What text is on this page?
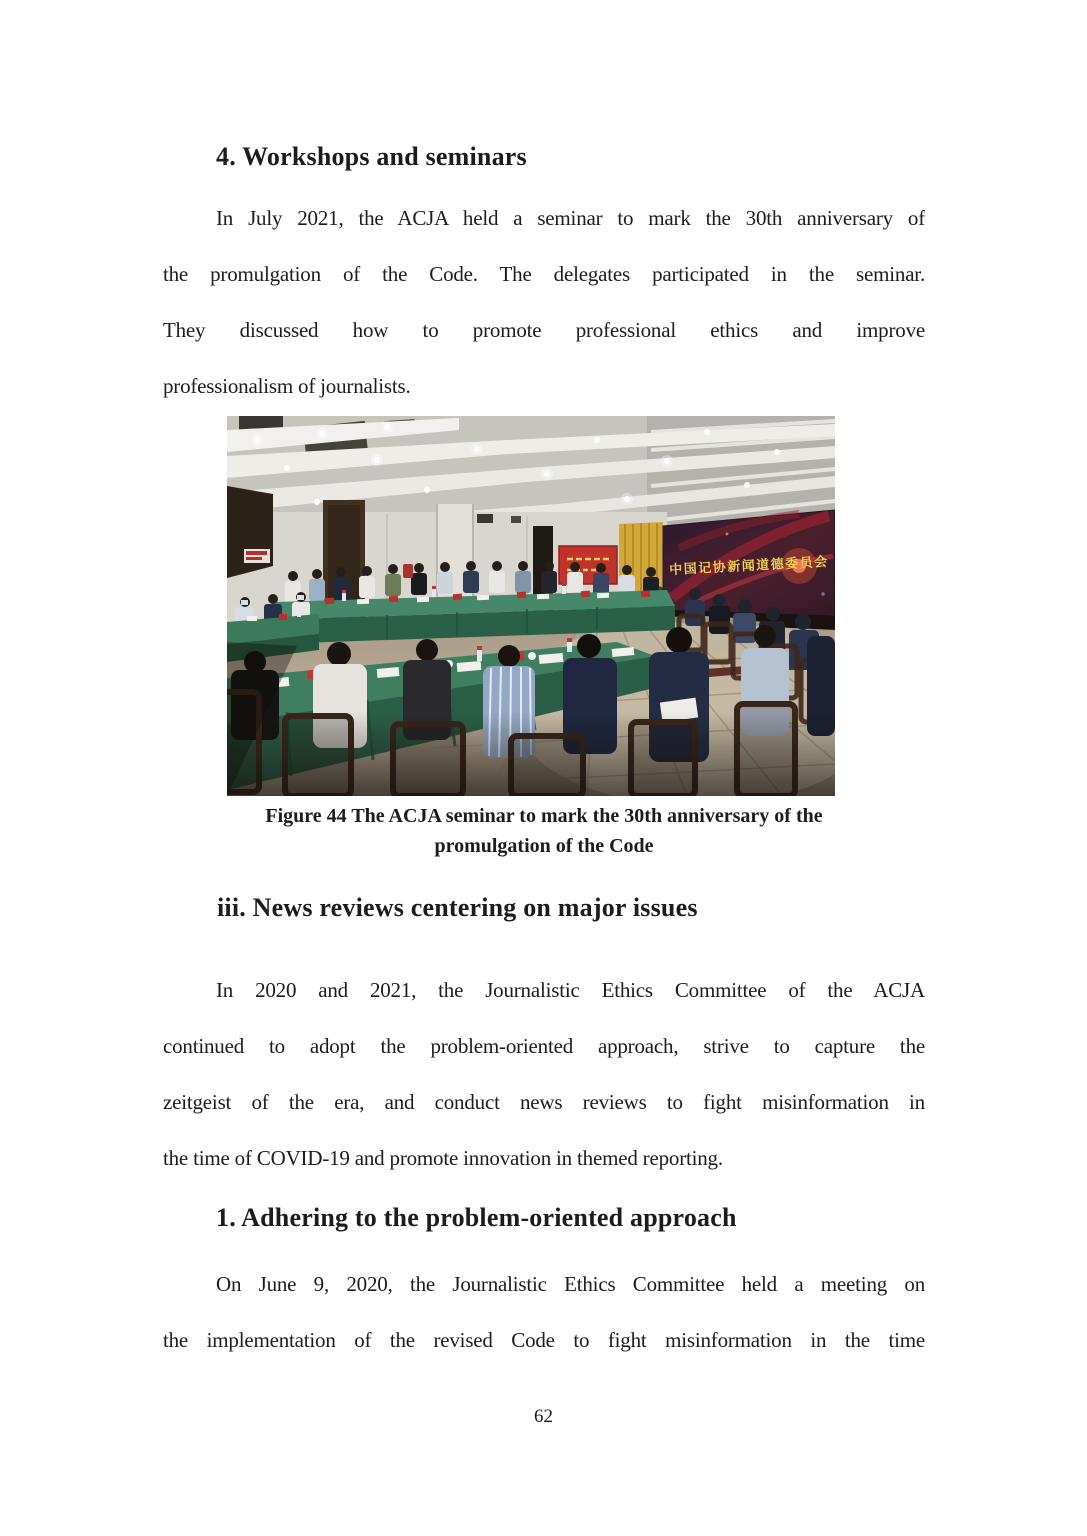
4. Workshops and seminars
In July 2021, the ACJA held a seminar to mark the 30th anniversary of
the promulgation of the Code. The delegates participated in the seminar.
They discussed how to promote professional ethics and improve
professionalism of journalists.
中国记协新闻道德委员会
Figure 44 The ACJA seminar to mark the 30th anniversary of the
promulgation of the Code
iii. News reviews centering on major issues
In 2020 and 2021, the Journalistic Ethics Committee of the ACJA
continued to adopt the problem-oriented approach, strive to capture the
zeitgeist of the era, and conduct news reviews to fight misinformation in
the time of COVID-19 and promote innovation in themed reporting.
1. Adhering to the problem-oriented approach
On June 9, 2020, the Journalistic Ethics Committee held a meeting on
the implementation of the revised Code to fight misinformation in the time
62
